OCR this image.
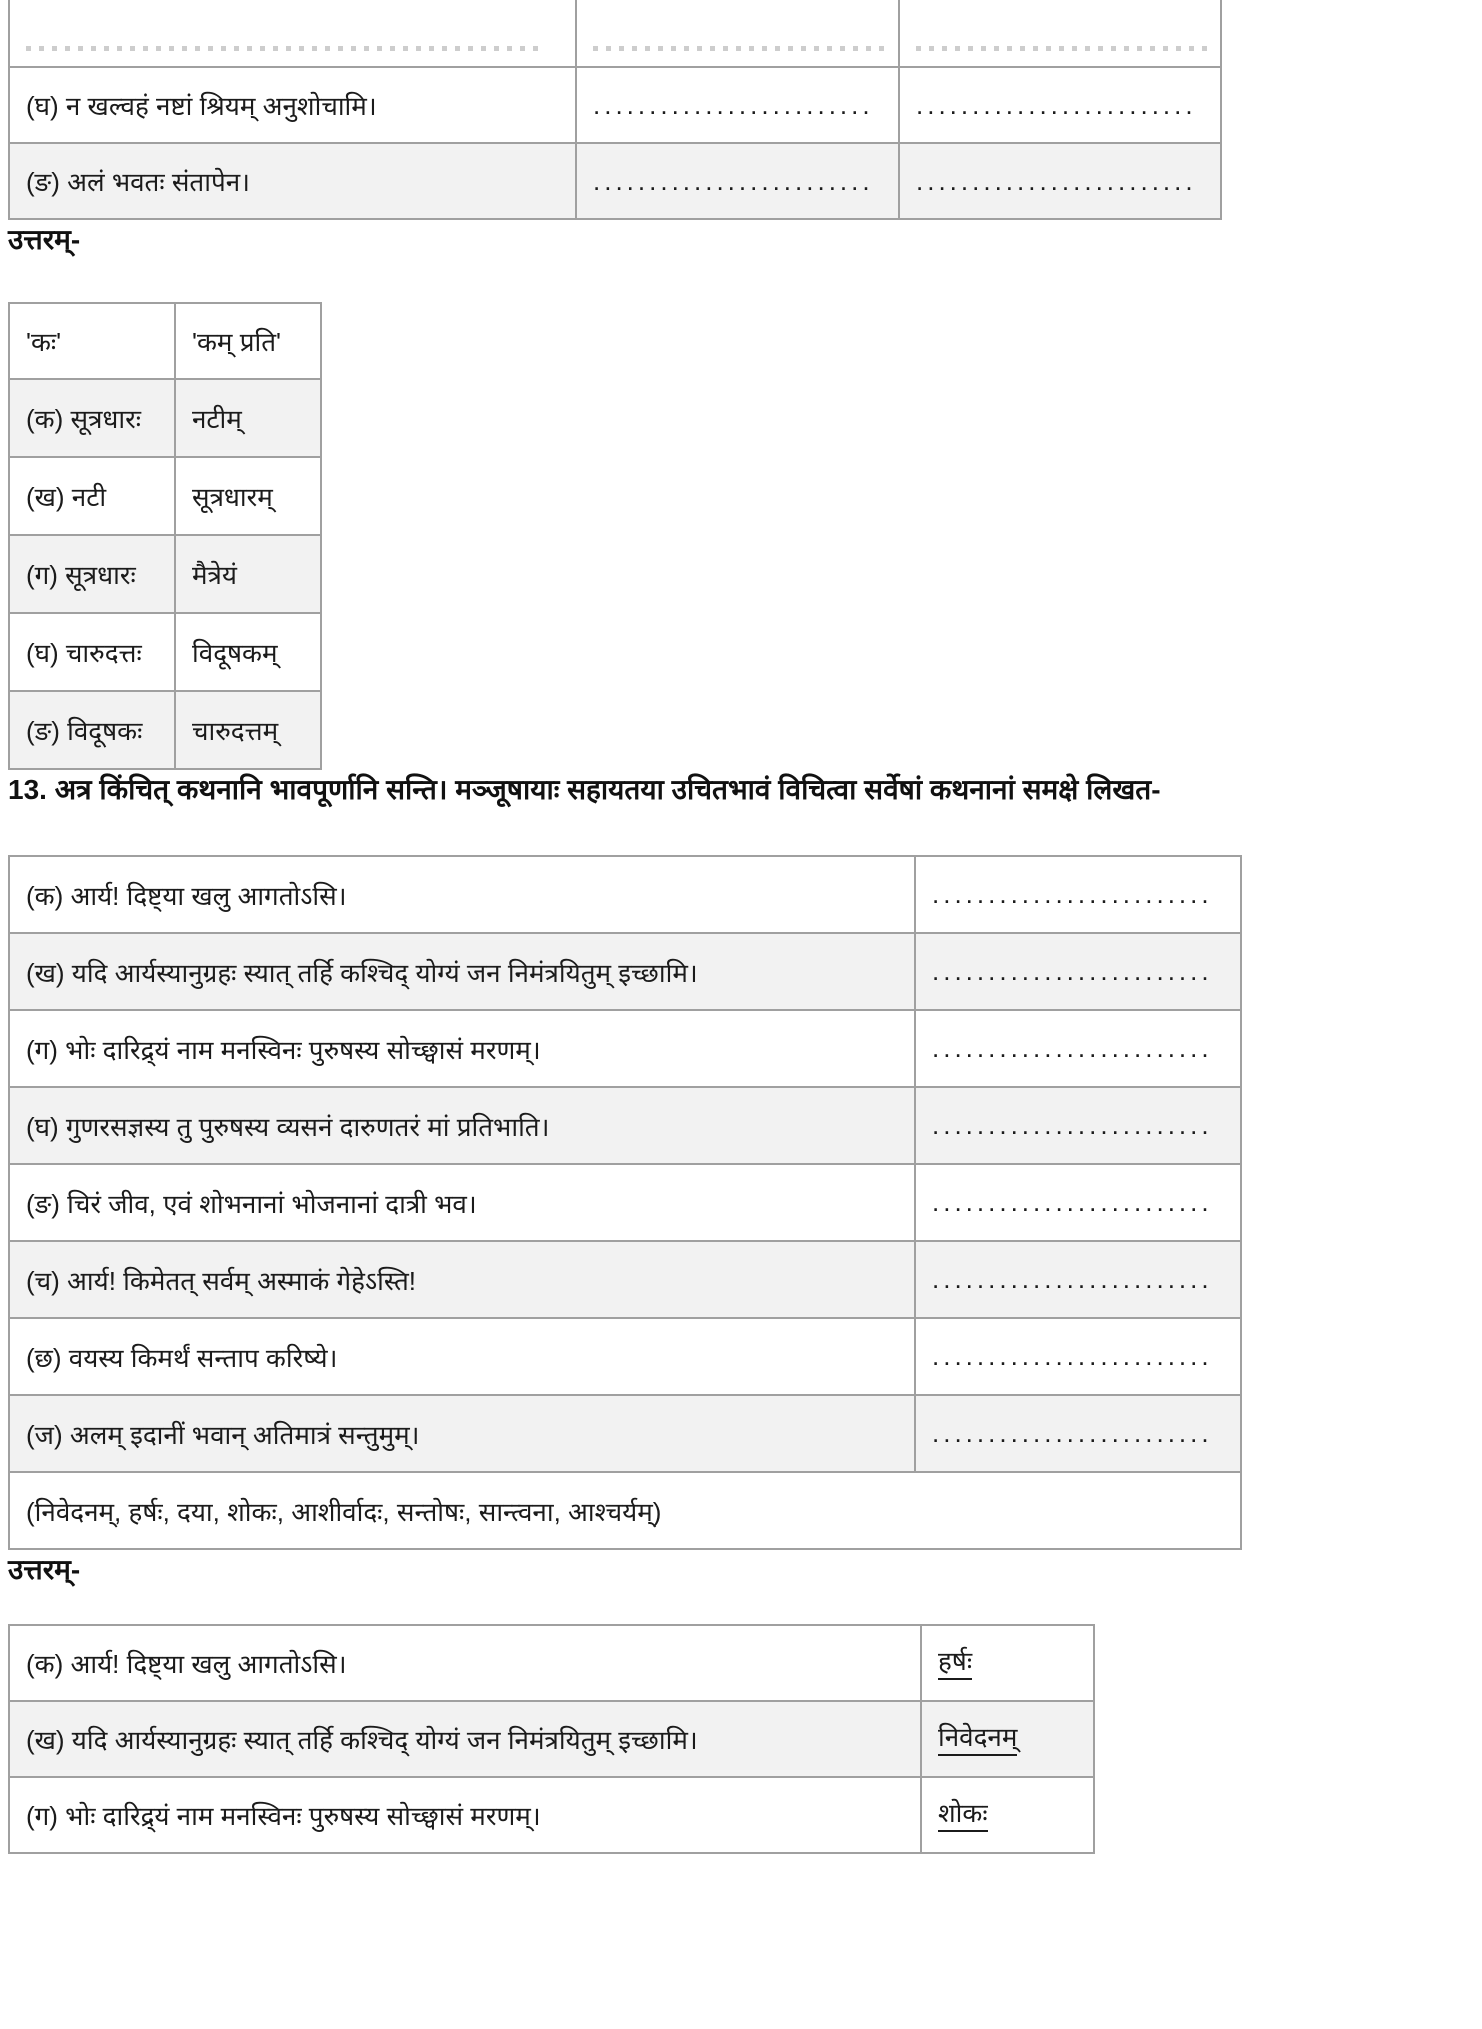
(घ) न खल्वहं नष्टां श्रियम् अनुशोचामि।	.........................	.........................
(ङ) अलं भवतः संतापेन।	.........................	.........................
उत्तरम्-
'कः'	'कम् प्रति'
(क) सूत्रधारः	नटीम्
(ख) नटी	सूत्रधारम्
(ग) सूत्रधारः	मैत्रेयं
(घ) चारुदत्तः	विदूषकम्
(ङ) विदूषकः	चारुदत्तम्
13. अत्र किंचित् कथनानि भावपूर्णानि सन्ति। मञ्जूषायाः सहायतया उचितभावं विचित्वा सर्वेषां कथनानां समक्षे लिखत-
(क) आर्य! दिष्ट्या खलु आगतोऽसि।	.........................
(ख) यदि आर्यस्यानुग्रहः स्यात् तर्हि कश्चिद् योग्यं जन निमंत्रयितुम् इच्छामि।	.........................
(ग) भोः दारिद्र्यं नाम मनस्विनः पुरुषस्य सोच्छ्वासं मरणम्।	.........................
(घ) गुणरसज्ञस्य तु पुरुषस्य व्यसनं दारुणतरं मां प्रतिभाति।	.........................
(ङ) चिरं जीव, एवं शोभनानां भोजनानां दात्री भव।	.........................
(च) आर्य! किमेतत् सर्वम् अस्माकं गेहेऽस्ति!	.........................
(छ) वयस्य किमर्थं सन्ताप करिष्ये।	.........................
(ज) अलम् इदानीं भवान् अतिमात्रं सन्तुमुम्।	.........................
(निवेदनम्, हर्षः, दया, शोकः, आशीर्वादः, सन्तोषः, सान्त्वना, आश्चर्यम्)	
उत्तरम्-
(क) आर्य! दिष्ट्या खलु आगतोऽसि।	हर्षः
(ख) यदि आर्यस्यानुग्रहः स्यात् तर्हि कश्चिद् योग्यं जन निमंत्रयितुम् इच्छामि।	निवेदनम्
(ग) भोः दारिद्र्यं नाम मनस्विनः पुरुषस्य सोच्छ्वासं मरणम्।	शोकः
